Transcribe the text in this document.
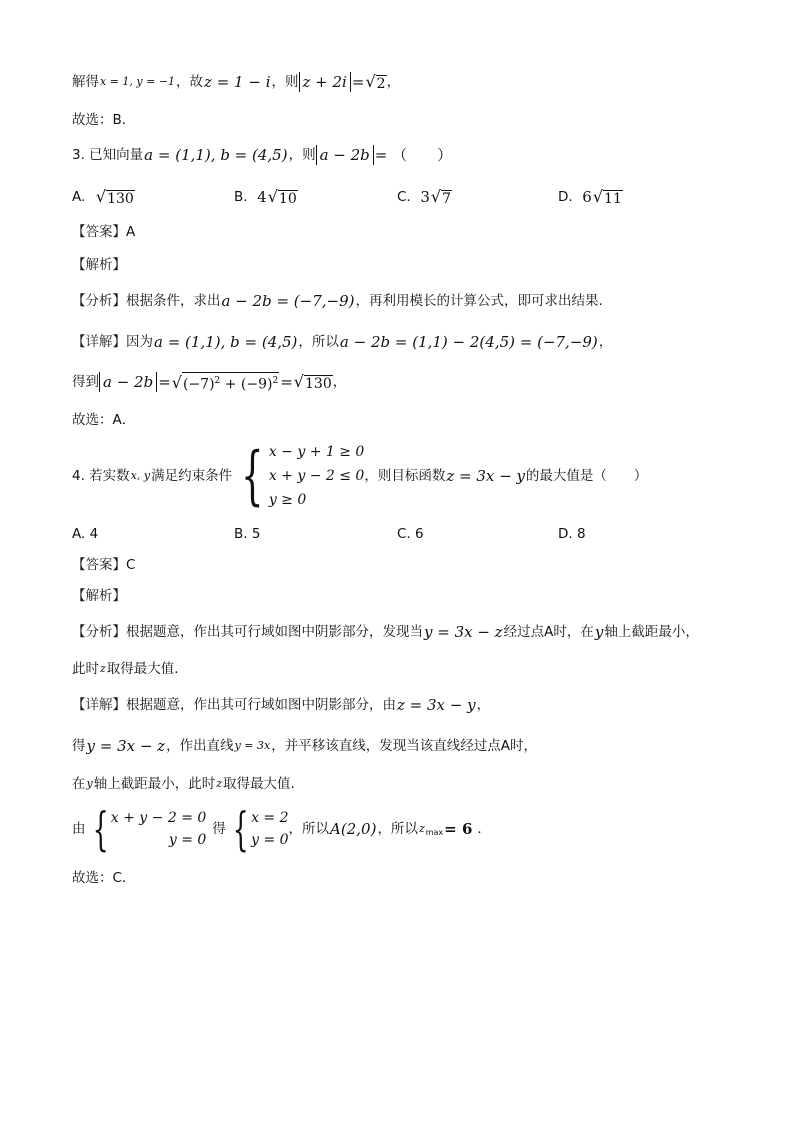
解得 x = 1, y = −1 ，故 z = 1 − i ，则 z + 2i = √ 2 ，
故选：B．
3. 已知向量 a = (1,1), b = (4,5) ，则 a − 2b = （　　）
A.
√ 130	B.
4 √ 10	C.
3 √ 7	D.
6 √ 11
【答案】 A
【解析】
【分析】 根据条件，求出 a − 2b = (−7,−9) ，再利用模长的计算公式，即可求出结果.
【详解】 因为 a = (1,1), b = (4,5) ，所以 a − 2b = (1,1) − 2(4,5) = (−7,−9) ，
得到 a − 2b = √ $(-7)^2 + (-9)^2$ = √ 130 ，
故选：A．
4. 若实数 x, y 满足约束条件 { x − y + 1 ≥ 0
x + y − 2 ≤ 0
y ≥ 0
，则目标函数 z = 3x − y 的最大值是（　　）
A. 4	B. 5	C. 6	D. 8
【答案】 C
【解析】
【分析】 根据题意，作出其可行域如图中阴影部分，发现当 y = 3x − z 经过点A时，在 y 轴上截距最小，
此时 z 取得最大值．
【详解】 根据题意，作出其可行域如图中阴影部分，由 z = 3x − y ，
得 y = 3x − z ，作出直线 y = 3x ，并平移该直线，发现当该直线经过点A时，
在 y 轴上截距最小，此时 z 取得最大值.
由 { x + y − 2 = 0
y = 0
得 { x = 2
y = 0
，所以 A(2,0) ，所以 $z_{max} = 6$ ．
故选：C．
